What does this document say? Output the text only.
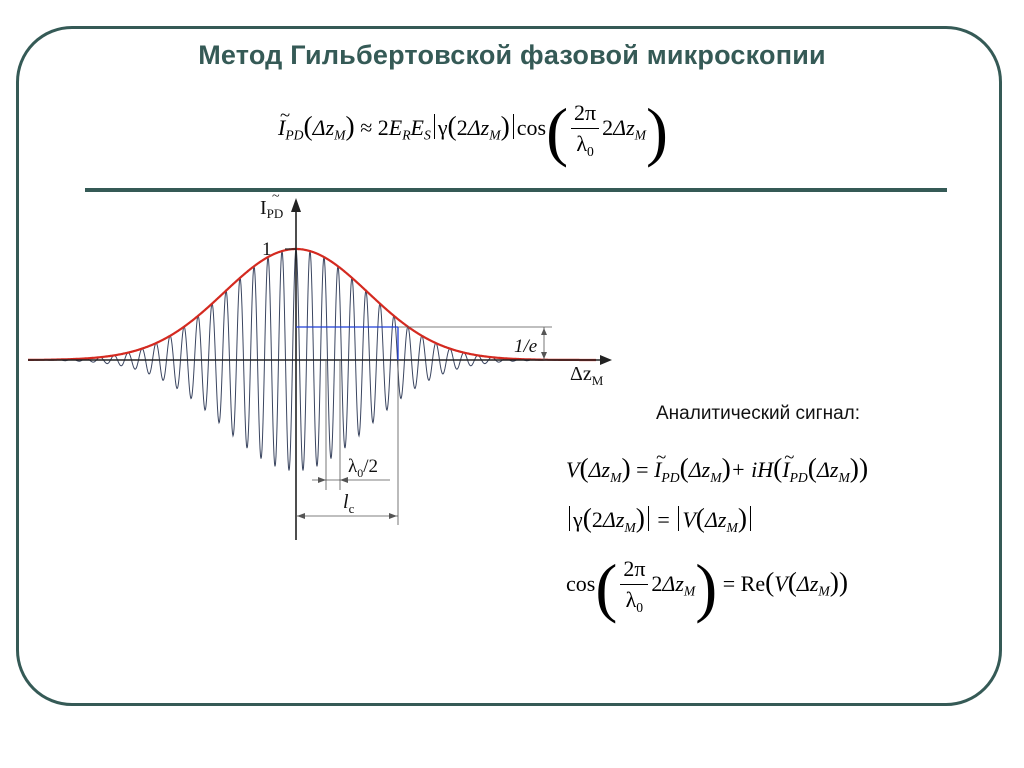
Метод Гильбертовской фазовой микроскопии
~ $I_{PD}(\Delta z_M) \approx 2E_RE_S$ $\gamma(2\Delta z_M)$ $\cos( \frac{2\pi}{\lambda_0} 2\Delta z_M)$
$I_{PD}$
~
1
$\Delta z_M$
1/e
$\lambda_0/2$
$l_c$
Аналитический сигнал:
$V(\Delta z_M)$ = ~ $I_{PD}(\Delta z_M)+$ iH(~ $I_{PD}(\Delta z_M)$)
$\gamma(2\Delta z_M) = V(\Delta z_M)$
$\cos( \frac{2\pi}{\lambda_0} 2\Delta z_M) = Re(V(\Delta z_M))$
